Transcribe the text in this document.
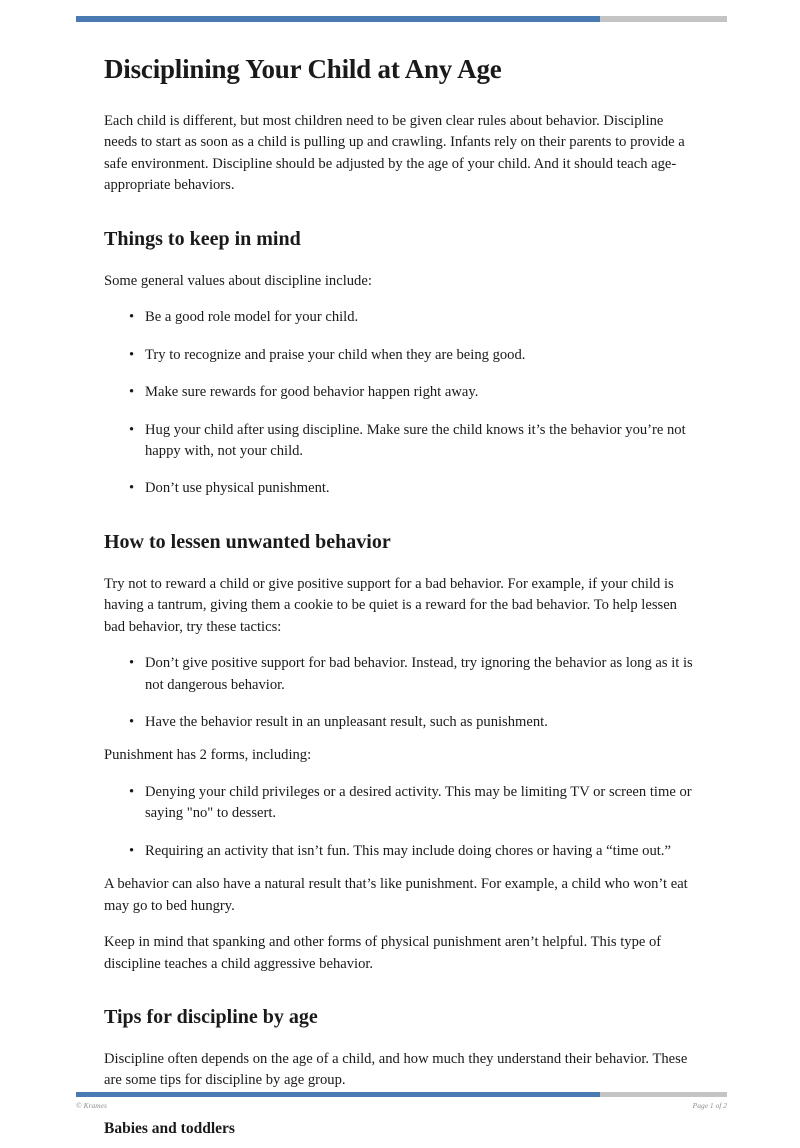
Disciplining Your Child at Any Age

Each child is different, but most children need to be given clear rules about behavior. Discipline needs to start as soon as a child is pulling up and crawling. Infants rely on their parents to provide a safe environment. Discipline should be adjusted by the age of your child. And it should teach age-appropriate behaviors.

Things to keep in mind

Some general values about discipline include:

• Be a good role model for your child.
• Try to recognize and praise your child when they are being good.
• Make sure rewards for good behavior happen right away.
• Hug your child after using discipline. Make sure the child knows it’s the behavior you’re not happy with, not your child.
• Don’t use physical punishment.
How to lessen unwanted behavior

Try not to reward a child or give positive support for a bad behavior. For example, if your child is having a tantrum, giving them a cookie to be quiet is a reward for the bad behavior. To help lessen bad behavior, try these tactics:

• Don’t give positive support for bad behavior. Instead, try ignoring the behavior as long as it is not dangerous behavior.
• Have the behavior result in an unpleasant result, such as punishment.

Punishment has 2 forms, including:

• Denying your child privileges or a desired activity. This may be limiting TV or screen time or saying "no" to dessert.
• Requiring an activity that isn’t fun. This may include doing chores or having a “time out.”

A behavior can also have a natural result that’s like punishment. For example, a child who won’t eat may go to bed hungry.

Keep in mind that spanking and other forms of physical punishment aren’t helpful. This type of discipline teaches a child aggressive behavior.

Tips for discipline by age

Discipline often depends on the age of a child, and how much they understand their behavior. These are some tips for discipline by age group.

Babies and toddlers
© Krames	Page 1 of 2
